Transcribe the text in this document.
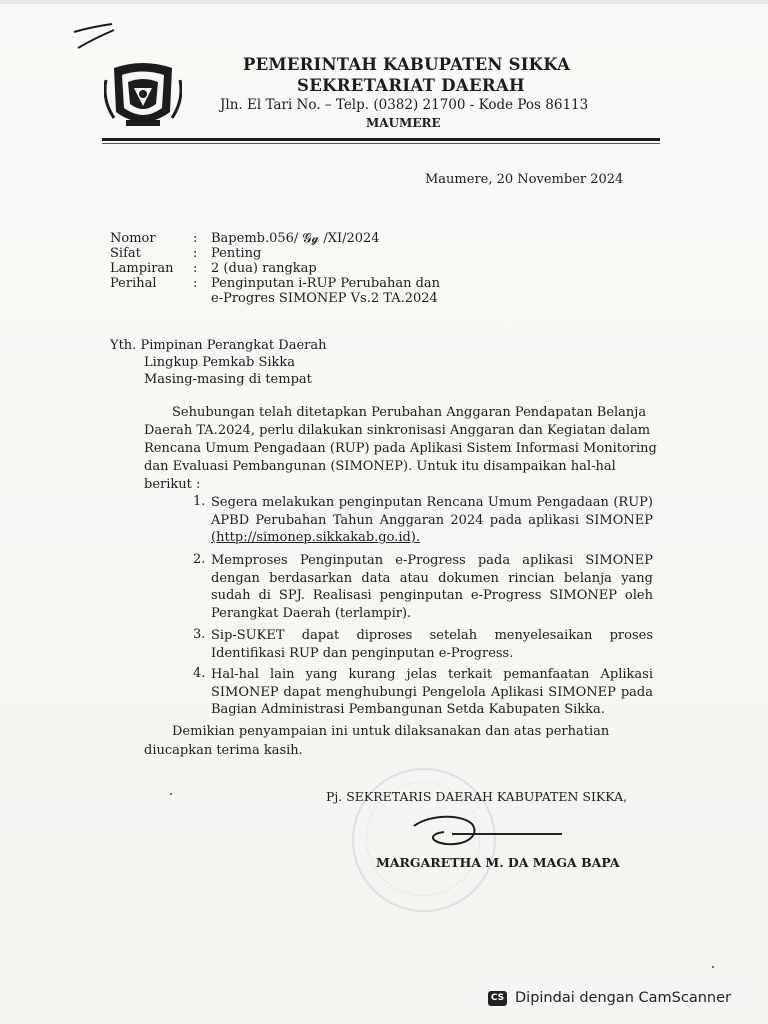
PEMERINTAH KABUPATEN SIKKA
SEKRETARIAT DAERAH
Jln. El Tari No. – Telp. (0382) 21700 - Kode Pos 86113
MAUMERE
Maumere, 20 November 2024
Nomor	: Bapemb.056/ 𝓖𝓰 /XI/2024
Sifat	: Penting
Lampiran : 2 (dua) rangkap
Perihal	: Penginputan i-RUP Perubahan dan
e-Progres SIMONEP Vs.2 TA.2024
Yth. Pimpinan Perangkat Daerah
Lingkup Pemkab Sikka
Masing-masing di tempat
Sehubungan telah ditetapkan Perubahan Anggaran Pendapatan Belanja
Daerah TA.2024, perlu dilakukan sinkronisasi Anggaran dan Kegiatan dalam
Rencana Umum Pengadaan (RUP) pada Aplikasi Sistem Informasi Monitoring
dan Evaluasi Pembangunan (SIMONEP). Untuk itu disampaikan hal-hal
berikut :
1. Segera melakukan penginputan Rencana Umum Pengadaan (RUP) APBD Perubahan Tahun Anggaran 2024 pada aplikasi SIMONEP (http://simonep.sikkakab.go.id).
2. Memproses Penginputan e-Progress pada aplikasi SIMONEP dengan berdasarkan data atau dokumen rincian belanja yang sudah di SPJ. Realisasi penginputan e-Progress SIMONEP oleh Perangkat Daerah (terlampir).
3. Sip-SUKET dapat diproses setelah menyelesaikan proses Identifikasi RUP dan penginputan e-Progress.
4. Hal-hal lain yang kurang jelas terkait pemanfaatan Aplikasi SIMONEP dapat menghubungi Pengelola Aplikasi SIMONEP pada Bagian Administrasi Pembangunan Setda Kabupaten Sikka.
Demikian penyampaian ini untuk dilaksanakan dan atas perhatian
diucapkan terima kasih.
Pj. SEKRETARIS DAERAH KABUPATEN SIKKA,
MARGARETHA M. DA MAGA BAPA
CS Dipindai dengan CamScanner
